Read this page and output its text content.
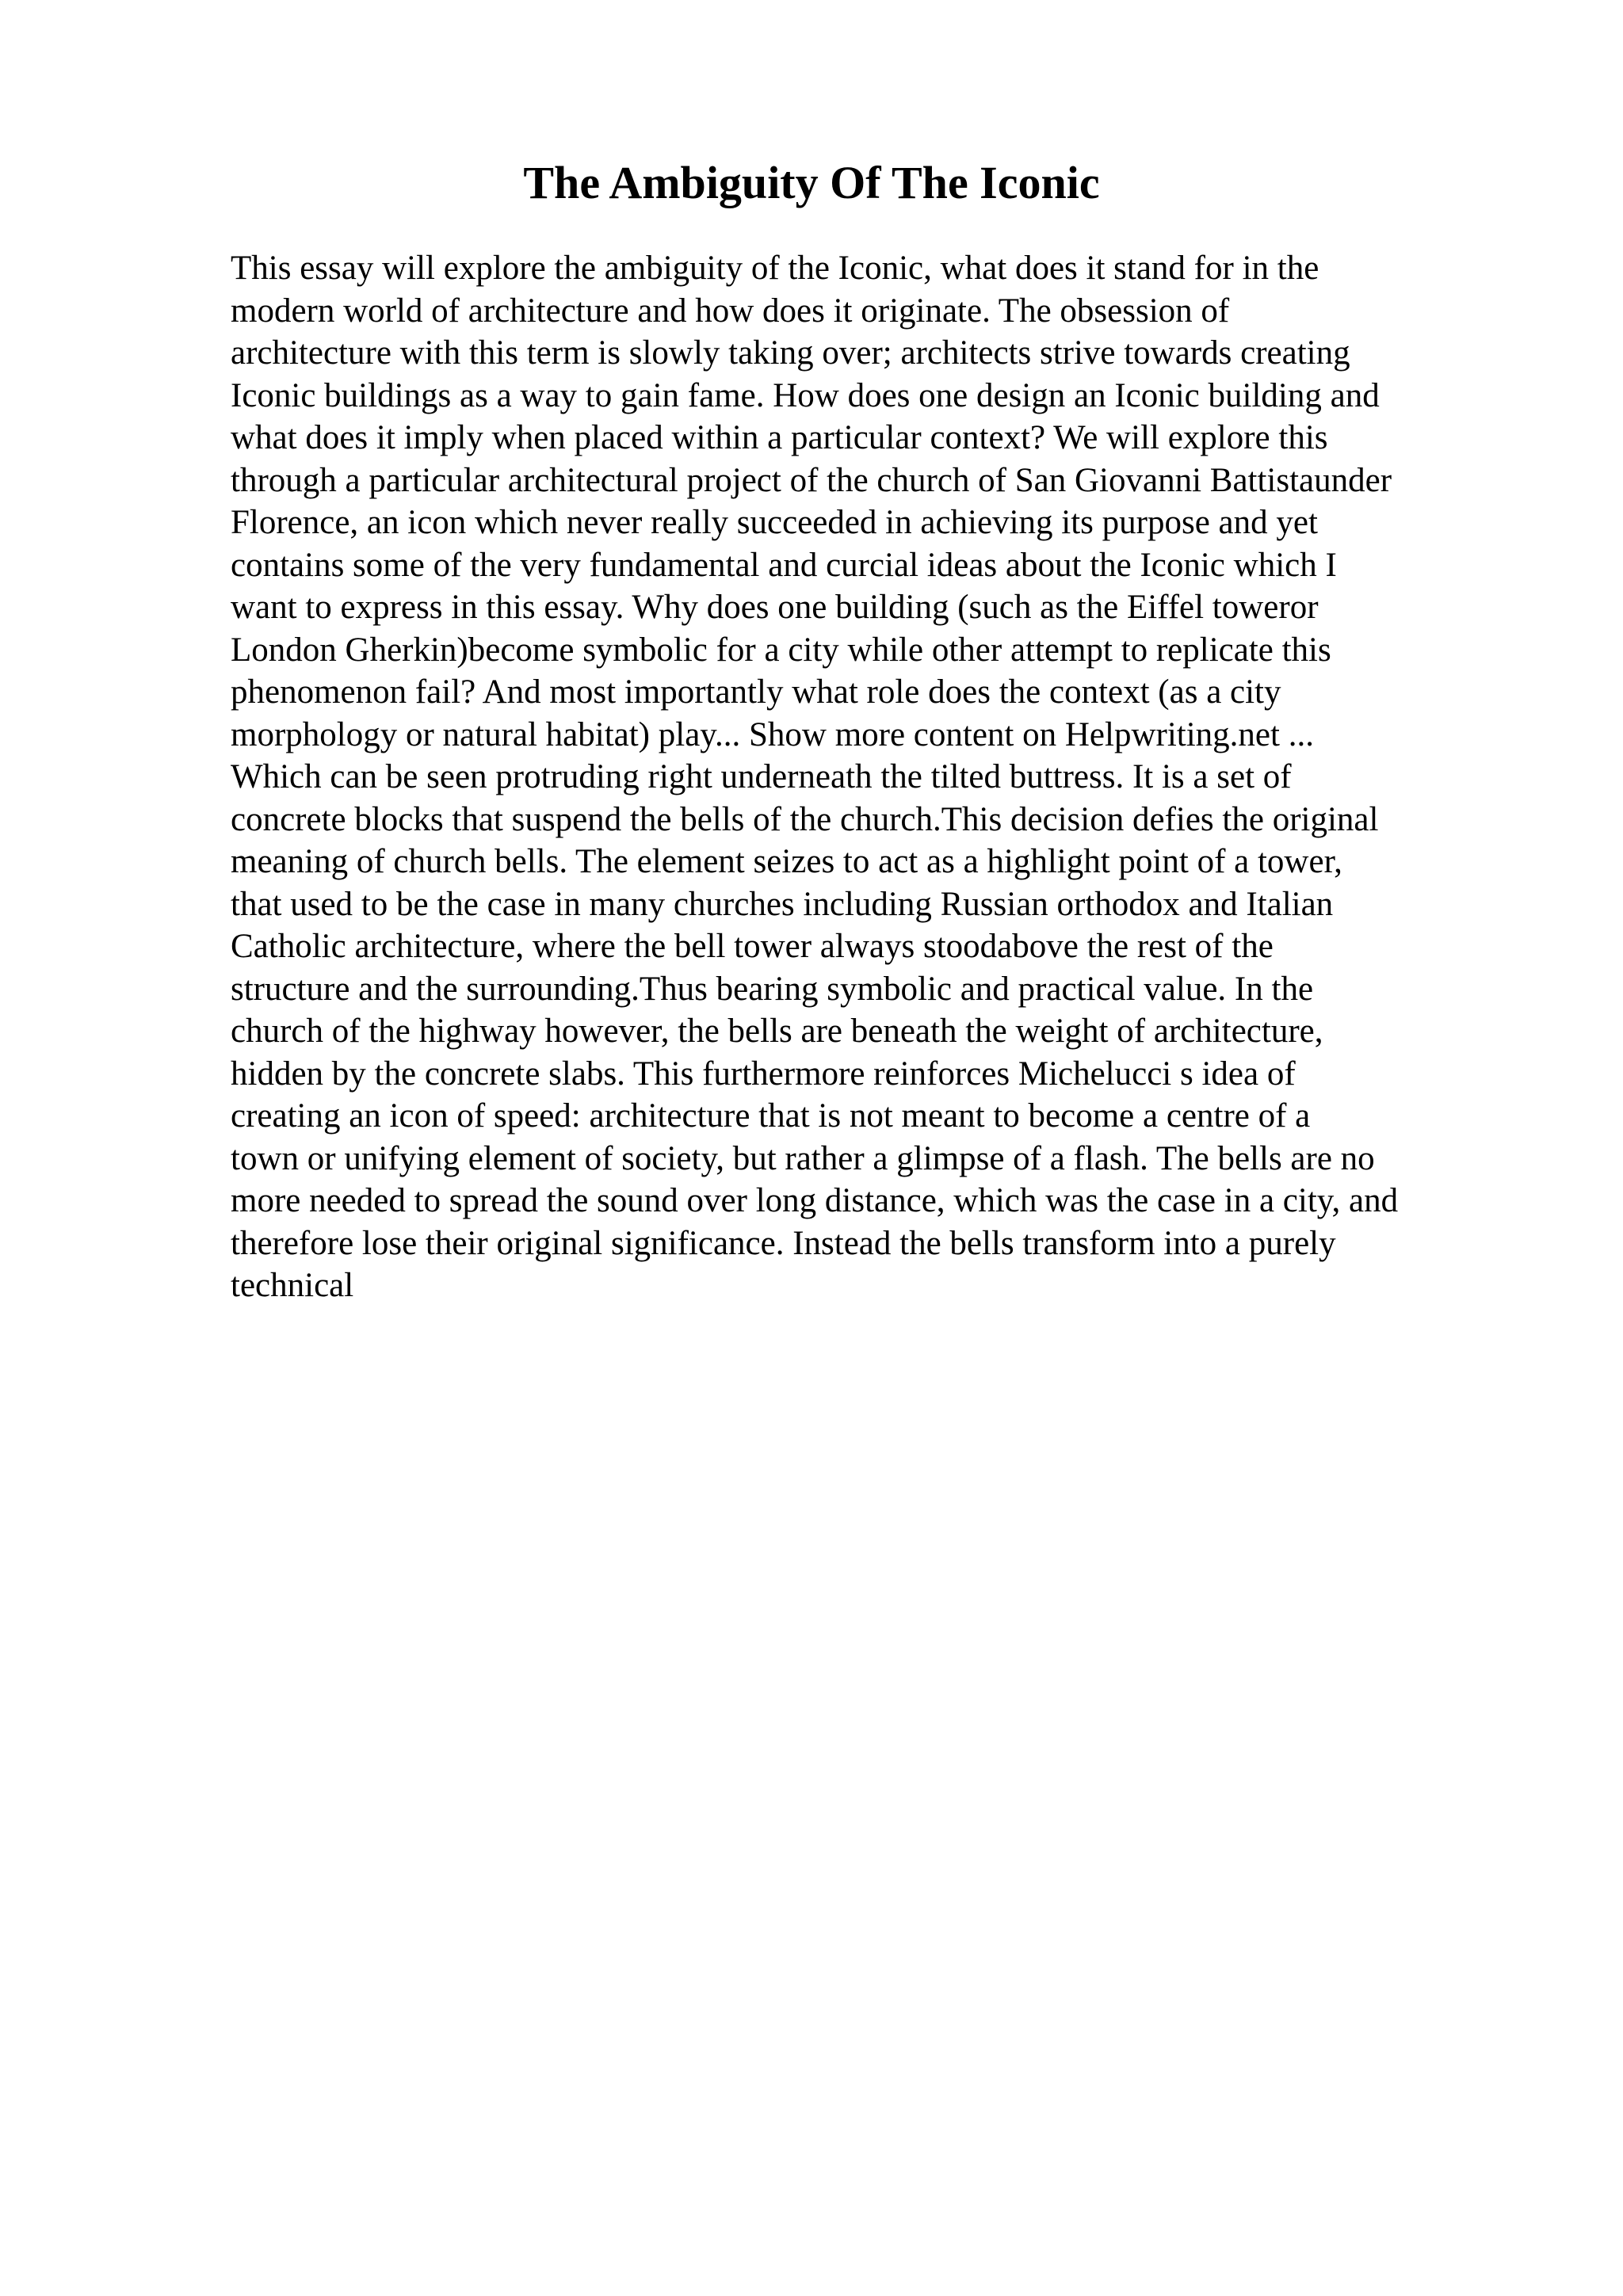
The Ambiguity Of The Iconic
This essay will explore the ambiguity of the Iconic, what does it stand for in the
modern world of architecture and how does it originate. The obsession of
architecture with this term is slowly taking over; architects strive towards creating
Iconic buildings as a way to gain fame. How does one design an Iconic building and
what does it imply when placed within a particular context? We will explore this
through a particular architectural project of the church of San Giovanni Battistaunder
Florence, an icon which never really succeeded in achieving its purpose and yet
contains some of the very fundamental and curcial ideas about the Iconic which I
want to express in this essay. Why does one building (such as the Eiffel toweror
London Gherkin)become symbolic for a city while other attempt to replicate this
phenomenon fail? And most importantly what role does the context (as a city
morphology or natural habitat) play... Show more content on Helpwriting.net ...
Which can be seen protruding right underneath the tilted buttress. It is a set of
concrete blocks that suspend the bells of the church.This decision defies the original
meaning of church bells. The element seizes to act as a highlight point of a tower,
that used to be the case in many churches including Russian orthodox and Italian
Catholic architecture, where the bell tower always stoodabove the rest of the
structure and the surrounding.Thus bearing symbolic and practical value. In the
church of the highway however, the bells are beneath the weight of architecture,
hidden by the concrete slabs. This furthermore reinforces Michelucci s idea of
creating an icon of speed: architecture that is not meant to become a centre of a
town or unifying element of society, but rather a glimpse of a flash. The bells are no
more needed to spread the sound over long distance, which was the case in a city, and
therefore lose their original significance. Instead the bells transform into a purely
technical
